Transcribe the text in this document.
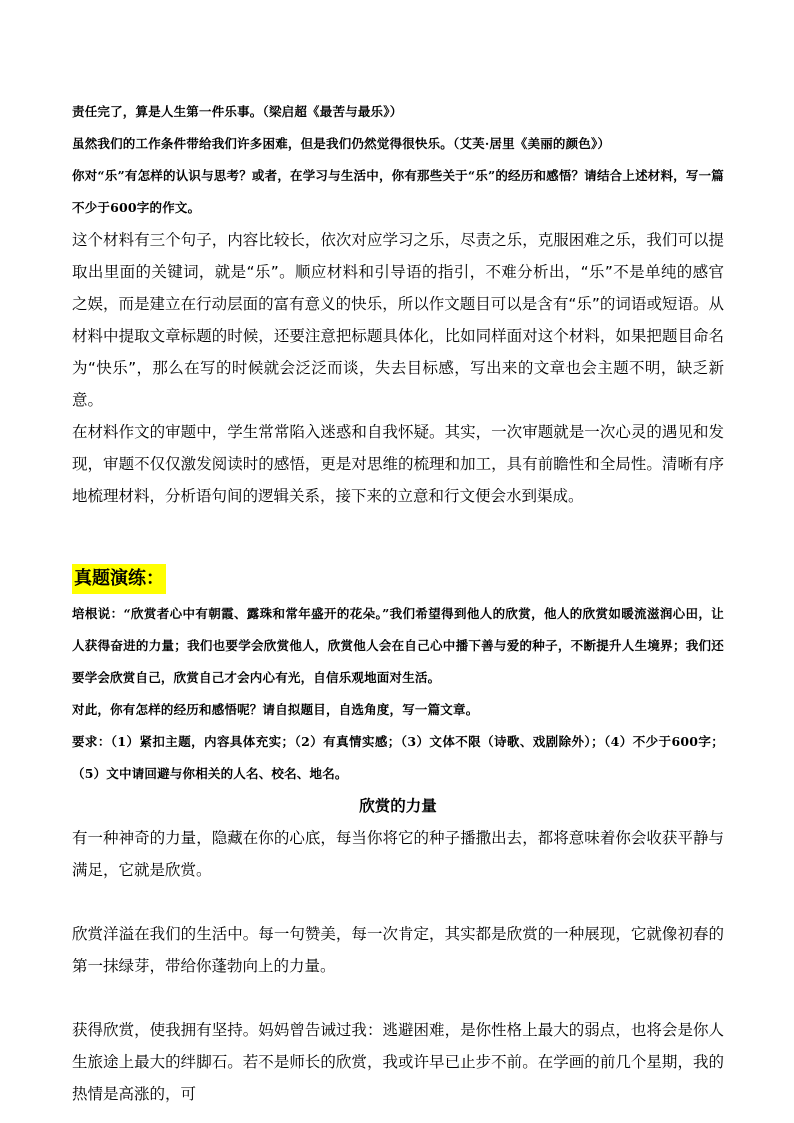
责任完了，算是人生第一件乐事。（梁启超《最苦与最乐》）

虽然我们的工作条件带给我们许多困难，但是我们仍然觉得很快乐。（艾芙·居里《美丽的颜色》）

你对“乐”有怎样的认识与思考？或者，在学习与生活中，你有那些关于“乐”的经历和感悟？请结合上述材料，写一篇不少于600字的作文。

这个材料有三个句子，内容比较长，依次对应学习之乐，尽责之乐，克服困难之乐，我们可以提取出里面的关键词，就是“乐”。顺应材料和引导语的指引，不难分析出，“乐”不是单纯的感官之娱，而是建立在行动层面的富有意义的快乐，所以作文题目可以是含有“乐”的词语或短语。从材料中提取文章标题的时候，还要注意把标题具体化，比如同样面对这个材料，如果把题目命名为“快乐”，那么在写的时候就会泛泛而谈，失去目标感，写出来的文章也会主题不明，缺乏新意。

在材料作文的审题中，学生常常陷入迷惑和自我怀疑。其实，一次审题就是一次心灵的遇见和发现，审题不仅仅激发阅读时的感悟，更是对思维的梳理和加工，具有前瞻性和全局性。清晰有序地梳理材料，分析语句间的逻辑关系，接下来的立意和行文便会水到渠成。

真题演练：

培根说：“欣赏者心中有朝霞、露珠和常年盛开的花朵。”我们希望得到他人的欣赏，他人的欣赏如暖流滋润心田，让人获得奋进的力量；我们也要学会欣赏他人，欣赏他人会在自己心中播下善与爱的种子，不断提升人生境界；我们还要学会欣赏自己，欣赏自己才会内心有光，自信乐观地面对生活。

对此，你有怎样的经历和感悟呢？请自拟题目，自选角度，写一篇文章。

要求：（1）紧扣主题，内容具体充实；（2）有真情实感；（3）文体不限（诗歌、戏剧除外）；（4）不少于600字；（5）文中请回避与你相关的人名、校名、地名。

欣赏的力量

有一种神奇的力量，隐藏在你的心底，每当你将它的种子播撒出去，都将意味着你会收获平静与满足，它就是欣赏。

欣赏洋溢在我们的生活中。每一句赞美，每一次肯定，其实都是欣赏的一种展现，它就像初春的第一抹绿芽，带给你蓬勃向上的力量。

获得欣赏，使我拥有坚持。妈妈曾告诫过我：逃避困难，是你性格上最大的弱点，也将会是你人生旅途上最大的绊脚石。若不是师长的欣赏，我或许早已止步不前。在学画的前几个星期，我的热情是高涨的，可
